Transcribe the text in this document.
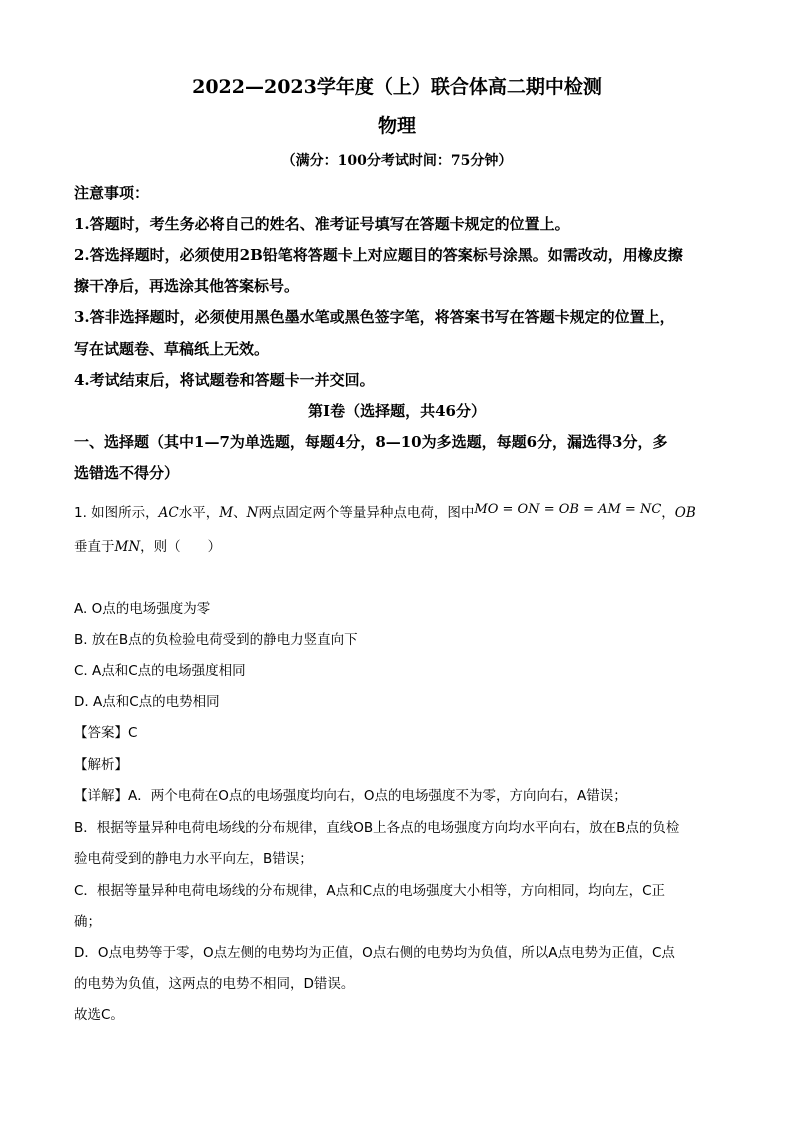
2022—2023学年度（上）联合体高二期中检测
物理
（满分：100分考试时间：75分钟）
注意事项：
1.答题时，考生务必将自己的姓名、准考证号填写在答题卡规定的位置上。
2.答选择题时，必须使用2B铅笔将答题卡上对应题目的答案标号涂黑。如需改动，用橡皮擦
擦干净后，再选涂其他答案标号。
3.答非选择题时，必须使用黑色墨水笔或黑色签字笔，将答案书写在答题卡规定的位置上，
写在试题卷、草稿纸上无效。
4.考试结束后，将试题卷和答题卡一并交回。
第I卷（选择题，共46分）
一、选择题（其中1—7为单选题，每题4分，8—10为多选题，每题6分，漏选得3分，多
选错选不得分）
1. 如图所示，AC水平，M、N两点固定两个等量异种点电荷，图中MO = ON = OB = AM = NC，OB
垂直于MN，则（　　）
A. O点的电场强度为零
B. 放在B点的负检验电荷受到的静电力竖直向下
C. A点和C点的电场强度相同
D. A点和C点的电势相同
【答案】C
【解析】
【详解】A．两个电荷在O点的电场强度均向右，O点的电场强度不为零，方向向右，A错误；
B．根据等量异种电荷电场线的分布规律，直线OB上各点的电场强度方向均水平向右，放在B点的负检
验电荷受到的静电力水平向左，B错误；
C．根据等量异种电荷电场线的分布规律，A点和C点的电场强度大小相等，方向相同，均向左，C正
确；
D．O点电势等于零，O点左侧的电势均为正值，O点右侧的电势均为负值，所以A点电势为正值，C点
的电势为负值，这两点的电势不相同，D错误。
故选C。
